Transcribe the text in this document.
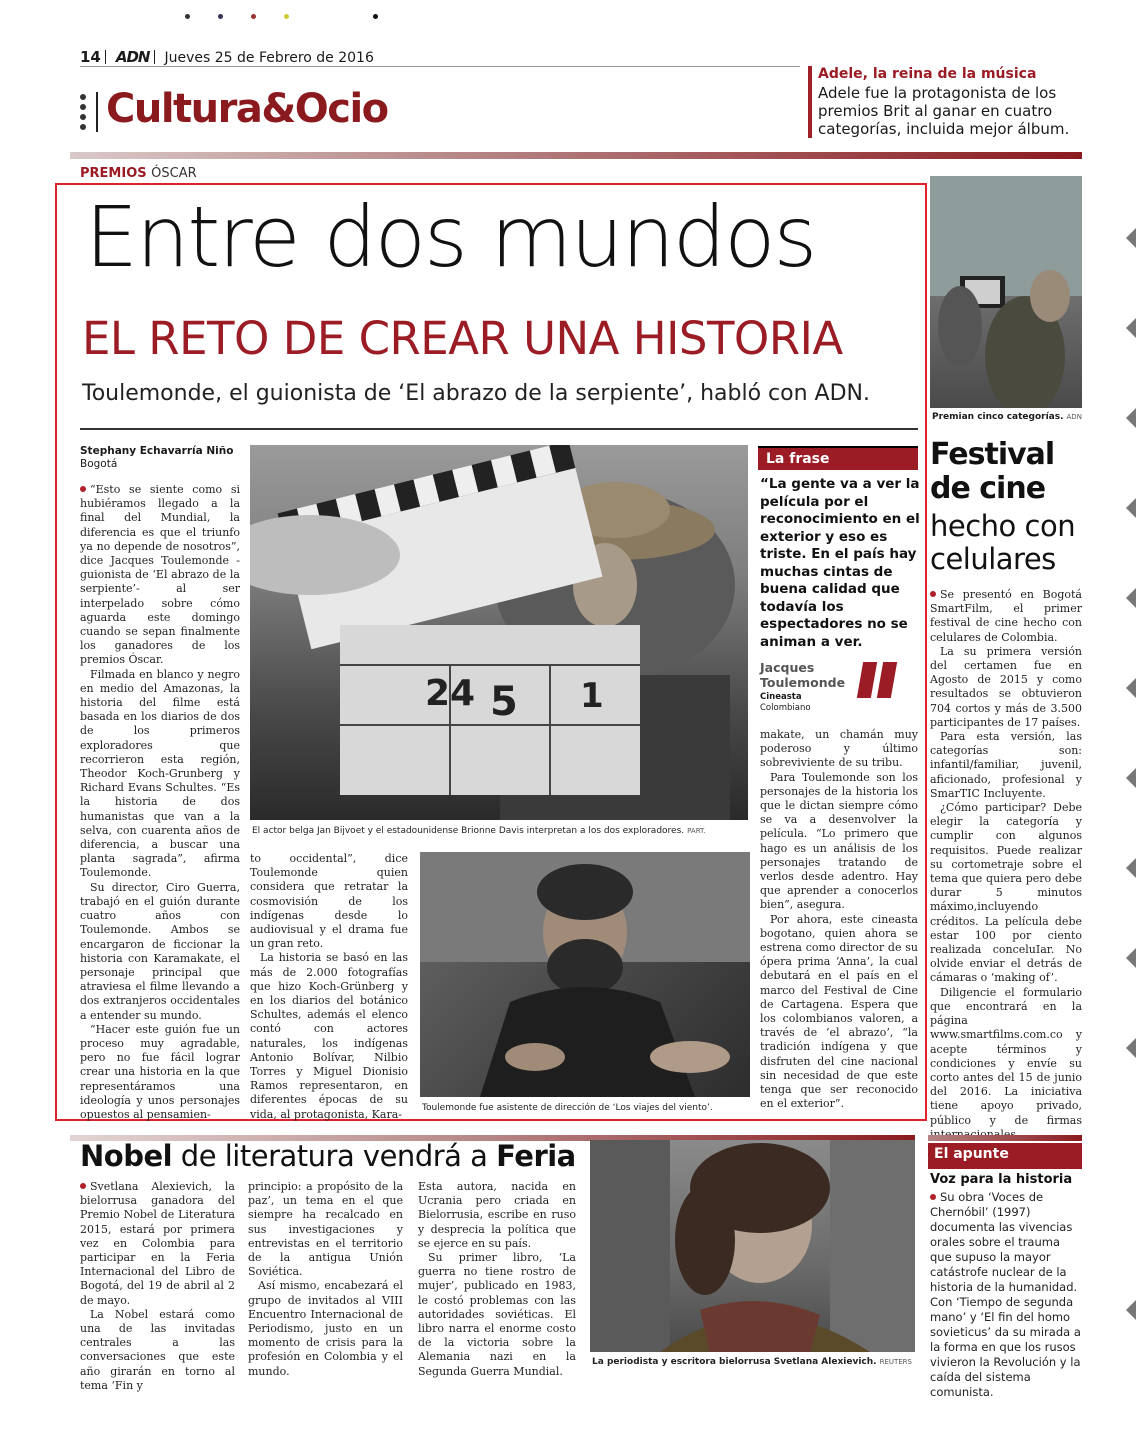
14 ADN Jueves 25 de Febrero de 2016
Cultura&Ocio
Adele, la reina de la música
Adele fue la protagonista de los premios Brit al ganar en cuatro categorías, incluida mejor álbum.
PREMIOS ÓSCAR
Entre dos mundos
EL RETO DE CREAR UNA HISTORIA
Toulemonde, el guionista de ‘El abrazo de la serpiente’, habló con ADN.
Stephany Echavarría Niño
Bogotá

“Esto se siente como si hubiéramos llegado a la final del Mundial, la diferencia es que el triunfo ya no depende de nosotros”, dice Jacques Toulemonde -guionista de ‘El abrazo de la serpiente’- al ser interpelado sobre cómo aguarda este domingo cuando se sepan finalmente los ganadores de los premios Óscar.

Filmada en blanco y negro en medio del Amazonas, la historia del filme está basada en los diarios de dos de los primeros exploradores que recorrieron esta región, Theodor Koch-Grunberg y Richard Evans Schultes. “Es la historia de dos humanistas que van a la selva, con cuarenta años de diferencia, a buscar una planta sagrada”, afirma Toulemonde.

Su director, Ciro Guerra, trabajó en el guión durante cuatro años con Toulemonde. Ambos se encargaron de ficcionar la historia con Karamakate, el personaje principal que atraviesa el filme llevando a dos extranjeros occidentales a entender su mundo.

“Hacer este guión fue un proceso muy agradable, pero no fue fácil lograr crear una historia en la que representáramos una ideología y unos personajes opuestos al pensamien-

24 5 1
El actor belga Jan Bijvoet y el estadounidense Brionne Davis interpretan a los dos exploradores. PART.
La frase
“La gente va a ver la película por el reconocimiento en el exterior y eso es triste. En el país hay muchas cintas de buena calidad que todavía los espectadores no se animan a ver.
Jacques
Toulemonde
Cineasta
Colombiano

to occidental”, dice Toulemonde quien considera que retratar la cosmovisión de los indígenas desde lo audiovisual y el drama fue un gran reto.

La historia se basó en las más de 2.000 fotografías que hizo Koch-Grünberg y en los diarios del botánico Schultes, además el elenco contó con actores naturales, los indígenas Antonio Bolívar, Nilbio Torres y Miguel Dionisio Ramos representaron, en diferentes épocas de su vida, al protagonista, Kara-	Toulemonde fue asistente de dirección de ‘Los viajes del viento’.

makate, un chamán muy poderoso y último sobreviviente de su tribu.

Para Toulemonde son los personajes de la historia los que le dictan siempre cómo se va a desenvolver la película. “Lo primero que hago es un análisis de los personajes tratando de verlos desde adentro. Hay que aprender a conocerlos bien”, asegura.

Por ahora, este cineasta bogotano, quien ahora se estrena como director de su ópera prima ‘Anna’, la cual debutará en el país en el marco del Festival de Cine de Cartagena. Espera que los colombianos valoren, a través de ‘el abrazo’, “la tradición indígena y que disfruten del cine nacional sin necesidad de que este tenga que ser reconocido en el exterior”.

Premian cinco categorías. ADN
Festival
de cine
hecho con
celulares

Se presentó en Bogotá SmartFilm, el primer festival de cine hecho con celulares de Colombia.

La su primera versión del certamen fue en Agosto de 2015 y como resultados se obtuvieron 704 cortos y más de 3.500 participantes de 17 países.

Para esta versión, las categorías son: infantil/familiar, juvenil, aficionado, profesional y SmarTIC Incluyente.

¿Cómo participar? Debe elegir la categoría y cumplir con algunos requisitos. Puede realizar su cortometraje sobre el tema que quiera pero debe durar 5 minutos máximo,incluyendo créditos. La película debe estar 100 por ciento realizada conceluIar. No olvide enviar el detrás de cámaras o ‘making of’.

Diligencie el formulario que encontrará en la página www.smartfilms.com.co y acepte términos y condiciones y envíe su corto antes del 15 de junio del 2016. La iniciativa tiene apoyo privado, público y de firmas

Nobel de literatura vendrá a Feria

Svetlana Alexievich, la bielorrusa ganadora del Premio Nobel de Literatura 2015, estará por primera vez en Colombia para participar en la Feria Internacional del Libro de Bogotá, del 19 de abril al 2 de mayo.

La Nobel estará como una de las invitadas centrales a las conversaciones que este año girarán en torno al tema ‘Fin y

principio: a propósito de la paz’, un tema en el que siempre ha recalcado en sus investigaciones y entrevistas en el territorio de la antigua Unión Soviética.

Así mismo, encabezará el grupo de invitados al VIII Encuentro Internacional de Periodismo, justo en un momento de crisis para la profesión en Colombia y el mundo.

Esta autora, nacida en Ucrania pero criada en Bielorrusia, escribe en ruso y desprecia la política que se ejerce en su país.

Su primer libro, ‘La guerra no tiene rostro de mujer’, publicado en 1983, le costó problemas con las autoridades soviéticas. El libro narra el enorme costo de la victoria sobre la Alemania nazi en la Segunda Guerra Mundial.

La periodista y escritora bielorrusa Svetlana Alexievich. REUTERS
El apunte
Voz para la historia
Su obra ‘Voces de Chernóbil’ (1997) documenta las vivencias orales sobre el trauma que supuso la mayor catástrofe nuclear de la historia de la humanidad. Con ‘Tiempo de segunda mano’ y ‘El fin del homo sovieticus’ da su mirada a la forma en que los rusos vivieron la Revolución y la caída del sistema comunista.
